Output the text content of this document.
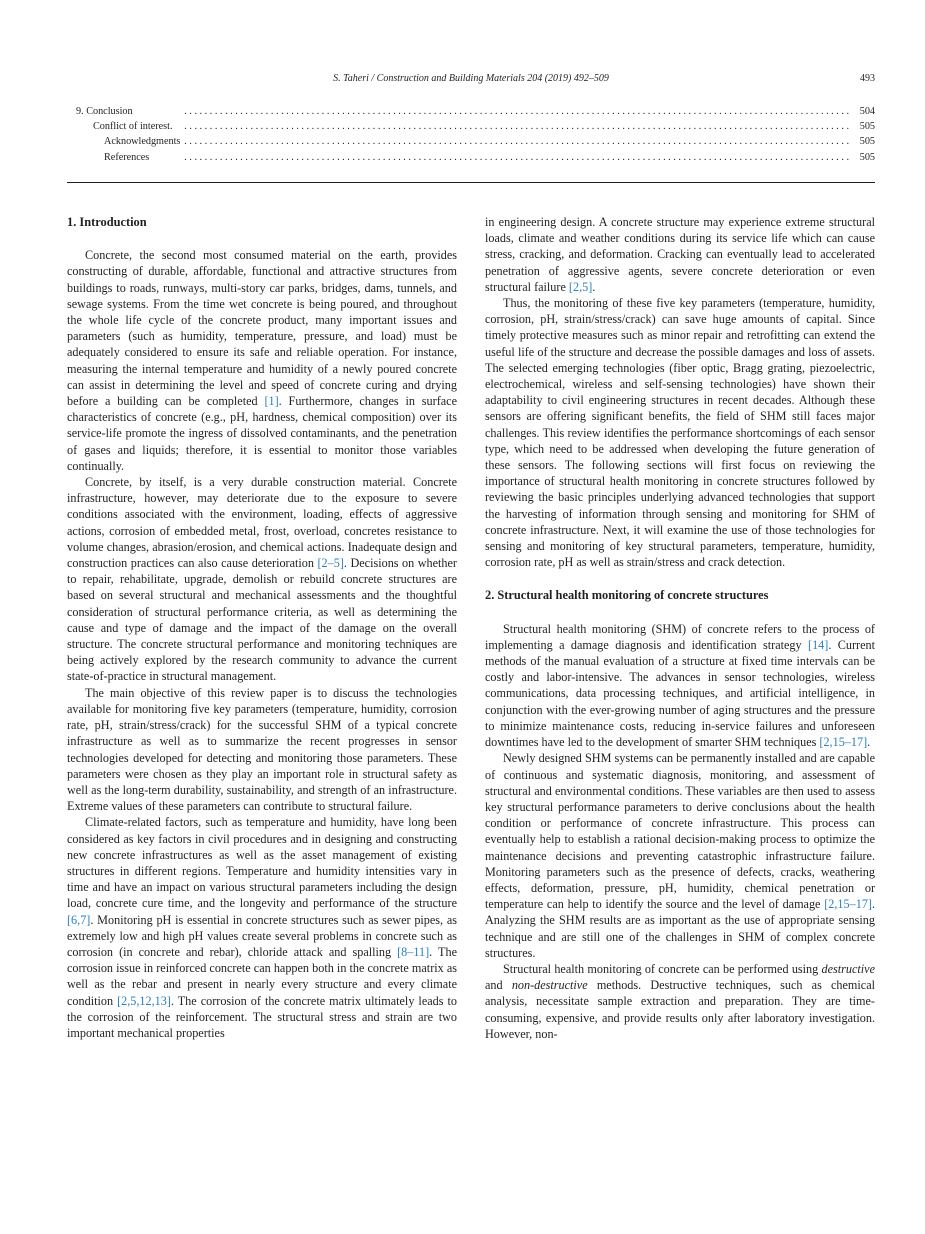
S. Taheri / Construction and Building Materials 204 (2019) 492–509	493
9. Conclusion	. . . . . . . . . . . . . . . . . . . . . . . . . . . . . . . . . . . . . . . . . . . . . . . . . . . . . . . . . . . . . . . . . . . . . . . . . . . . . . . . . . . . . . . . . . . . . . . . . . . . . . . . . . . . . . . . . . . . . . . . . . . . . . . . . . . 504
Conflict of interest. . . . . . . . . . . . . . . . . . . . . . . . . . . . . . . . . . . . . . . . . . . . . . . . . . . . . . . . . . . . . . . . . . . . . . . . . . . . . . . . . . . . . . . . . . . . . . . . . . . . . . . . . . . . . . . . . . . . . . . . . . . . . . . . . . . . 505
Acknowledgments . . . . . . . . . . . . . . . . . . . . . . . . . . . . . . . . . . . . . . . . . . . . . . . . . . . . . . . . . . . . . . . . . . . . . . . . . . . . . . . . . . . . . . . . . . . . . . . . . . . . . . . . . . . . . . . . . . . . . . . . . . . . . . . . . . . 505
References	. . . . . . . . . . . . . . . . . . . . . . . . . . . . . . . . . . . . . . . . . . . . . . . . . . . . . . . . . . . . . . . . . . . . . . . . . . . . . . . . . . . . . . . . . . . . . . . . . . . . . . . . . . . . . . . . . . . . . . . . . . . . . . . . . . . 505
1. Introduction

Concrete, the second most consumed material on the earth, provides constructing of durable, affordable, functional and attractive structures from buildings to roads, runways, multi-story car parks, bridges, dams, tunnels, and sewage systems. From the time wet concrete is being poured, and throughout the whole life cycle of the concrete product, many important issues and parameters (such as humidity, temperature, pressure, and load) must be adequately considered to ensure its safe and reliable operation. For instance, measuring the internal temperature and humidity of a newly poured concrete can assist in determining the level and speed of concrete curing and drying before a building can be completed [1]. Furthermore, changes in surface characteristics of concrete (e.g., pH, hardness, chemical composition) over its service-life promote the ingress of dissolved contaminants, and the penetration of gases and liquids; therefore, it is essential to monitor those variables continually.

Concrete, by itself, is a very durable construction material. Concrete infrastructure, however, may deteriorate due to the exposure to severe conditions associated with the environment, loading, effects of aggressive actions, corrosion of embedded metal, frost, overload, concretes resistance to volume changes, abrasion/erosion, and chemical actions. Inadequate design and construction practices can also cause deterioration [2–5]. Decisions on whether to repair, rehabilitate, upgrade, demolish or rebuild concrete structures are based on several structural and mechanical assessments and the thoughtful consideration of structural performance criteria, as well as determining the cause and type of damage and the impact of the damage on the overall structure. The concrete structural performance and monitoring techniques are being actively explored by the research community to advance the current state-of-practice in structural management.

The main objective of this review paper is to discuss the technologies available for monitoring five key parameters (temperature, humidity, corrosion rate, pH, strain/stress/crack) for the successful SHM of a typical concrete infrastructure as well as to summarize the recent progresses in sensor technologies developed for detecting and monitoring those parameters. These parameters were chosen as they play an important role in structural safety as well as the long-term durability, sustainability, and strength of an infrastructure. Extreme values of these parameters can contribute to structural failure.

Climate-related factors, such as temperature and humidity, have long been considered as key factors in civil procedures and in designing and constructing new concrete infrastructures as well as the asset management of existing structures in different regions. Temperature and humidity intensities vary in time and have an impact on various structural parameters including the design load, concrete cure time, and the longevity and performance of the structure [6,7]. Monitoring pH is essential in concrete structures such as sewer pipes, as extremely low and high pH values create several problems in concrete such as corrosion (in concrete and rebar), chloride attack and spalling [8–11]. The corrosion issue in reinforced concrete can happen both in the concrete matrix as well as the rebar and present in nearly every structure and every climate condition [2,5,12,13]. The corrosion of the concrete matrix ultimately leads to the corrosion of the reinforcement. The structural stress and strain are two important mechanical properties

in engineering design. A concrete structure may experience extreme structural loads, climate and weather conditions during its service life which can cause stress, cracking, and deformation. Cracking can eventually lead to accelerated penetration of aggressive agents, severe concrete deterioration or even structural failure [2,5].

Thus, the monitoring of these five key parameters (temperature, humidity, corrosion, pH, strain/stress/crack) can save huge amounts of capital. Since timely protective measures such as minor repair and retrofitting can extend the useful life of the structure and decrease the possible damages and loss of assets. The selected emerging technologies (fiber optic, Bragg grating, piezoelectric, electrochemical, wireless and self-sensing technologies) have shown their adaptability to civil engineering structures in recent decades. Although these sensors are offering significant benefits, the field of SHM still faces major challenges. This review identifies the performance shortcomings of each sensor type, which need to be addressed when developing the future generation of these sensors. The following sections will first focus on reviewing the importance of structural health monitoring in concrete structures followed by reviewing the basic principles underlying advanced technologies that support the harvesting of information through sensing and monitoring for SHM of concrete infrastructure. Next, it will examine the use of those technologies for sensing and monitoring of key structural parameters, temperature, humidity, corrosion rate, pH as well as strain/stress and crack detection.

2. Structural health monitoring of concrete structures

Structural health monitoring (SHM) of concrete refers to the process of implementing a damage diagnosis and identification strategy [14]. Current methods of the manual evaluation of a structure at fixed time intervals can be costly and labor-intensive. The advances in sensor technologies, wireless communications, data processing techniques, and artificial intelligence, in conjunction with the ever-growing number of aging structures and the pressure to minimize maintenance costs, reducing in-service failures and unforeseen downtimes have led to the development of smarter SHM techniques [2,15–17].

Newly designed SHM systems can be permanently installed and are capable of continuous and systematic diagnosis, monitoring, and assessment of structural and environmental conditions. These variables are then used to assess key structural performance parameters to derive conclusions about the health condition or performance of concrete infrastructure. This process can eventually help to establish a rational decision-making process to optimize the maintenance decisions and preventing catastrophic infrastructure failure. Monitoring parameters such as the presence of defects, cracks, weathering effects, deformation, pressure, pH, humidity, chemical penetration or temperature can help to identify the source and the level of damage [2,15–17]. Analyzing the SHM results are as important as the use of appropriate sensing technique and are still one of the challenges in SHM of complex concrete structures.

Structural health monitoring of concrete can be performed using destructive and non-destructive methods. Destructive techniques, such as chemical analysis, necessitate sample extraction and preparation. They are time-consuming, expensive, and provide results only after laboratory investigation. However, non-
